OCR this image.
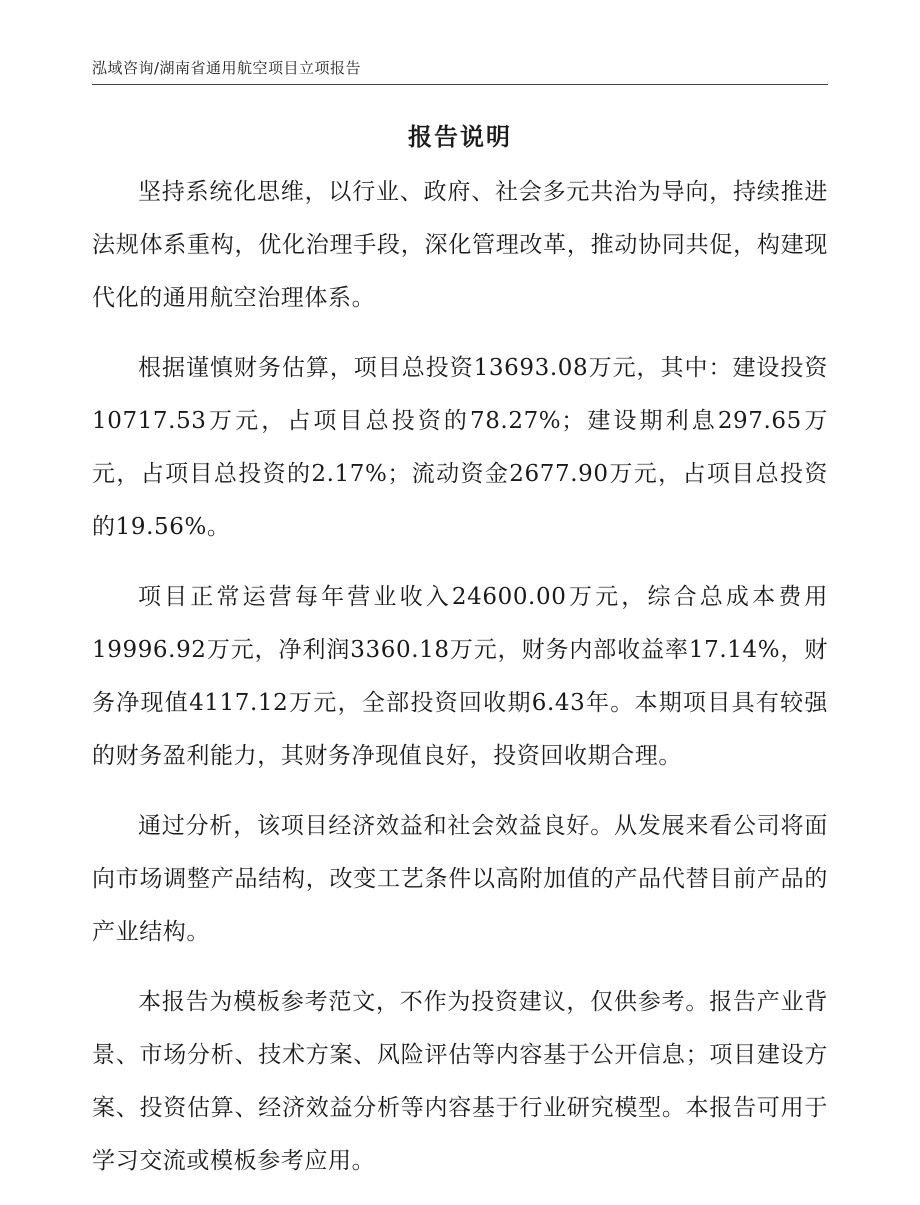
泓域咨询/湖南省通用航空项目立项报告
报告说明

坚持系统化思维，以行业、政府、社会多元共治为导向，持续推进法规体系重构，优化治理手段，深化管理改革，推动协同共促，构建现代化的通用航空治理体系。

根据谨慎财务估算，项目总投资13693.08万元，其中：建设投资10717.53万元，占项目总投资的78.27%；建设期利息297.65万元，占项目总投资的2.17%；流动资金2677.90万元，占项目总投资的19.56%。

项目正常运营每年营业收入24600.00万元，综合总成本费用19996.92万元，净利润3360.18万元，财务内部收益率17.14%，财务净现值4117.12万元，全部投资回收期6.43年。本期项目具有较强的财务盈利能力，其财务净现值良好，投资回收期合理。

通过分析，该项目经济效益和社会效益良好。从发展来看公司将面向市场调整产品结构，改变工艺条件以高附加值的产品代替目前产品的产业结构。

本报告为模板参考范文，不作为投资建议，仅供参考。报告产业背景、市场分析、技术方案、风险评估等内容基于公开信息；项目建设方案、投资估算、经济效益分析等内容基于行业研究模型。本报告可用于学习交流或模板参考应用。
